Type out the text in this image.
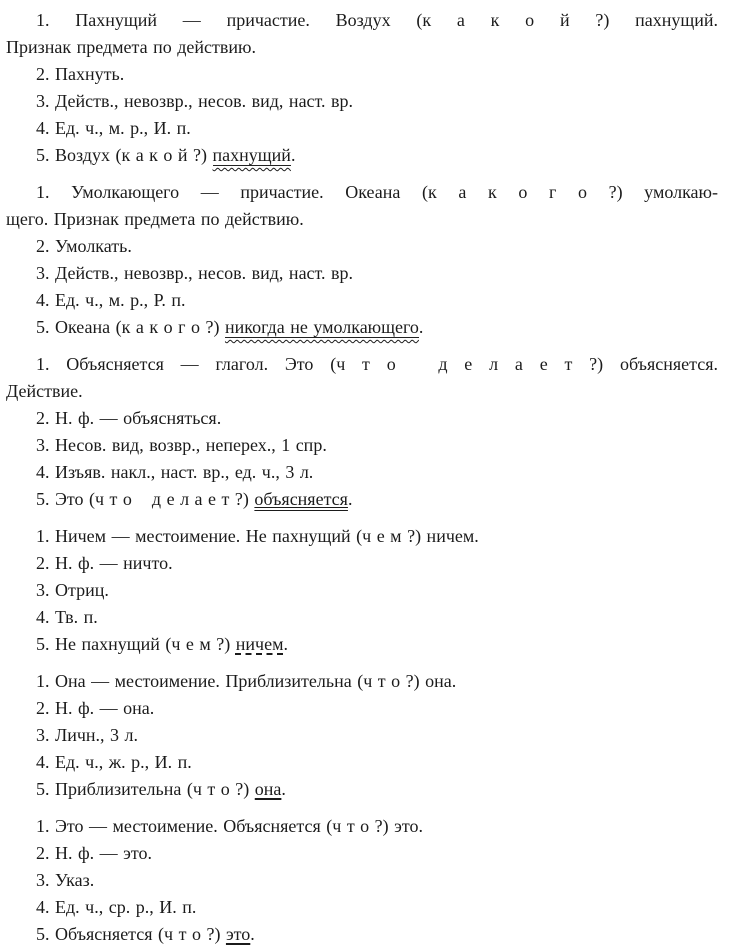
1. Пахнущий — причастие. Воздух (к а к о й ?) пахнущий.

Признак предмета по действию.

2. Пахнуть.

3. Действ., невозвр., несов. вид, наст. вр.

4. Ед. ч., м. р., И. п.

5. Воздух (к а к о й ?) пахнущий.

1. Умолкающего — причастие. Океана (к а к о г о ?) умолкаю-

щего. Признак предмета по действию.

2. Умолкать.

3. Действ., невозвр., несов. вид, наст. вр.

4. Ед. ч., м. р., Р. п.

5. Океана (к а к о г о ?) никогда не умолкающего.

1. Объясняется — глагол. Это (ч т о   д е л а е т ?) объясняется.

Действие.

2. Н. ф. — объясняться.

3. Несов. вид, возвр., неперех., 1 спр.

4. Изъяв. накл., наст. вр., ед. ч., 3 л.

5. Это (ч т о   д е л а е т ?) объясняется.

1. Ничем — местоимение. Не пахнущий (ч е м ?) ничем.

2. Н. ф. — ничто.

3. Отриц.

4. Тв. п.

5. Не пахнущий (ч е м ?) ничем.

1. Она — местоимение. Приблизительна (ч т о ?) она.

2. Н. ф. — она.

3. Личн., 3 л.

4. Ед. ч., ж. р., И. п.

5. Приблизительна (ч т о ?) она.

1. Это — местоимение. Объясняется (ч т о ?) это.

2. Н. ф. — это.

3. Указ.

4. Ед. ч., ср. р., И. п.

5. Объясняется (ч т о ?) это.
